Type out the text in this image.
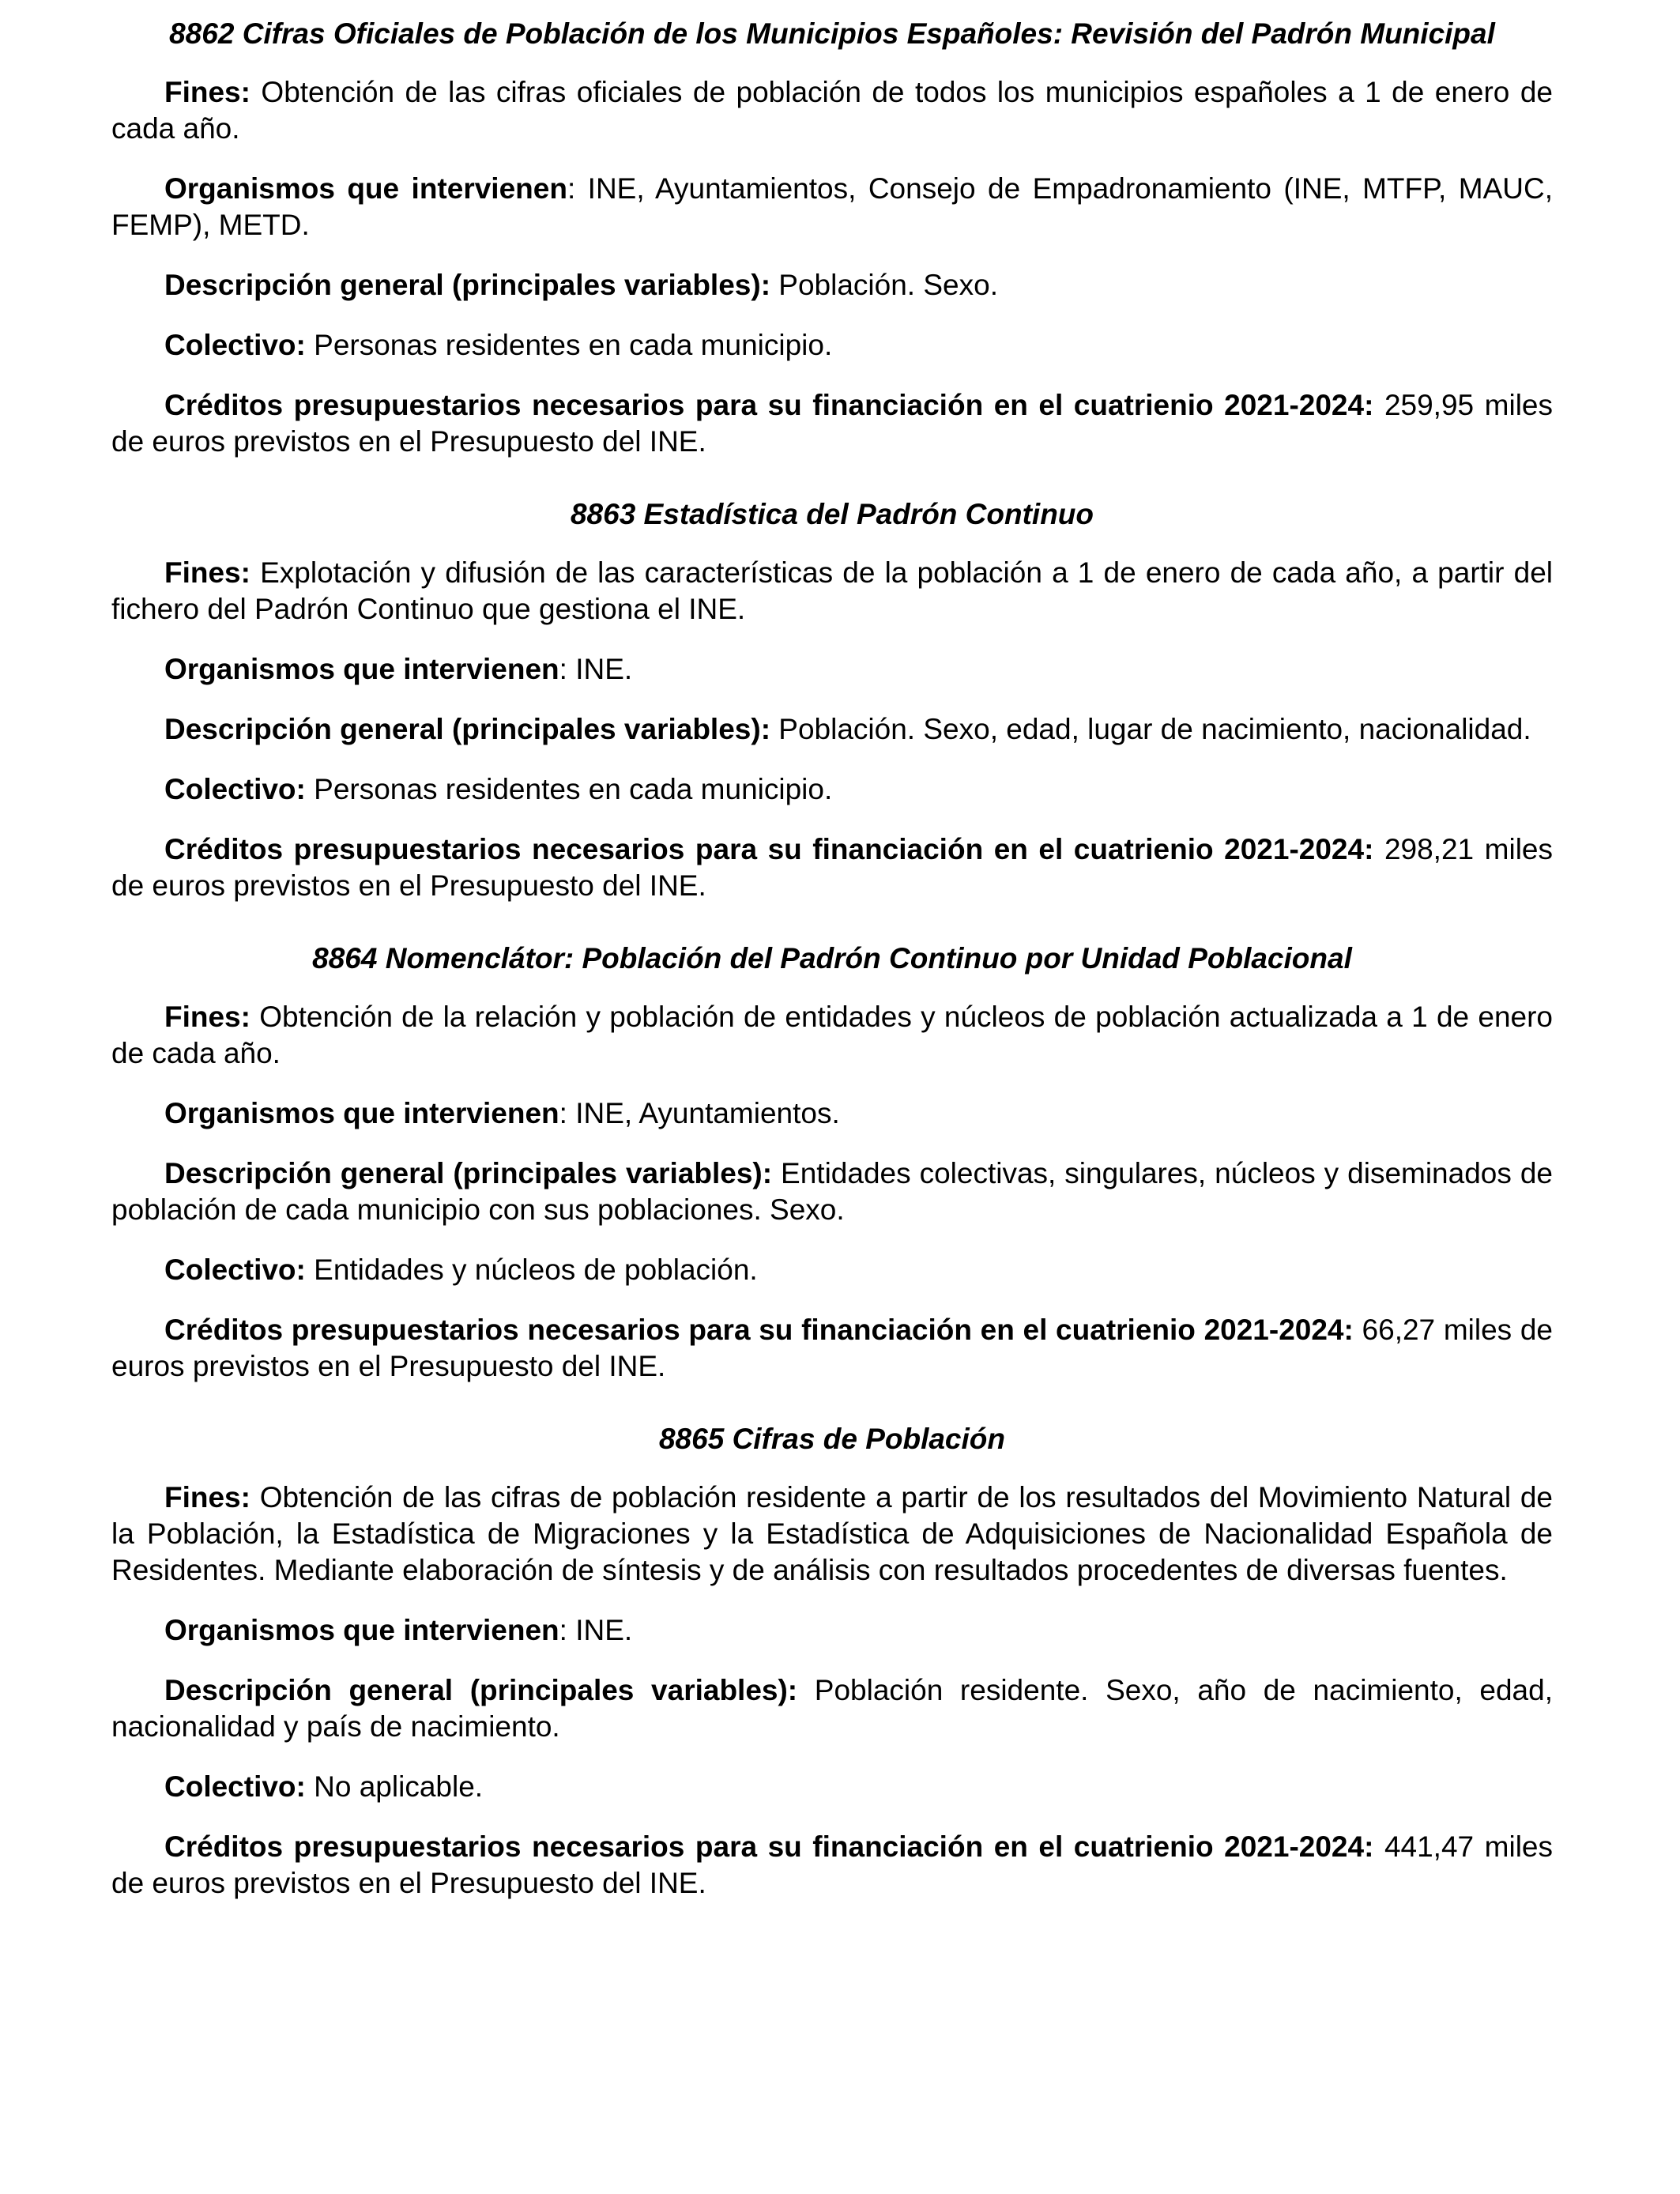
8862 Cifras Oficiales de Población de los Municipios Españoles: Revisión del Padrón Municipal

Fines: Obtención de las cifras oficiales de población de todos los municipios españoles a 1 de enero de cada año.

Organismos que intervienen: INE, Ayuntamientos, Consejo de Empadronamiento (INE, MTFP, MAUC, FEMP), METD.

Descripción general (principales variables): Población. Sexo.

Colectivo: Personas residentes en cada municipio.

Créditos presupuestarios necesarios para su financiación en el cuatrienio 2021-2024: 259,95 miles de euros previstos en el Presupuesto del INE.

8863 Estadística del Padrón Continuo

Fines: Explotación y difusión de las características de la población a 1 de enero de cada año, a partir del fichero del Padrón Continuo que gestiona el INE.

Organismos que intervienen: INE.

Descripción general (principales variables): Población. Sexo, edad, lugar de nacimiento, nacionalidad.

Colectivo: Personas residentes en cada municipio.

Créditos presupuestarios necesarios para su financiación en el cuatrienio 2021-2024: 298,21 miles de euros previstos en el Presupuesto del INE.

8864 Nomenclátor: Población del Padrón Continuo por Unidad Poblacional

Fines: Obtención de la relación y población de entidades y núcleos de población actualizada a 1 de enero de cada año.

Organismos que intervienen: INE, Ayuntamientos.

Descripción general (principales variables): Entidades colectivas, singulares, núcleos y diseminados de población de cada municipio con sus poblaciones. Sexo.

Colectivo: Entidades y núcleos de población.

Créditos presupuestarios necesarios para su financiación en el cuatrienio 2021-2024: 66,27 miles de euros previstos en el Presupuesto del INE.

8865 Cifras de Población

Fines: Obtención de las cifras de población residente a partir de los resultados del Movimiento Natural de la Población, la Estadística de Migraciones y la Estadística de Adquisiciones de Nacionalidad Española de Residentes. Mediante elaboración de síntesis y de análisis con resultados procedentes de diversas fuentes.

Organismos que intervienen: INE.

Descripción general (principales variables): Población residente. Sexo, año de nacimiento, edad, nacionalidad y país de nacimiento.

Colectivo: No aplicable.

Créditos presupuestarios necesarios para su financiación en el cuatrienio 2021-2024: 441,47 miles de euros previstos en el Presupuesto del INE.
